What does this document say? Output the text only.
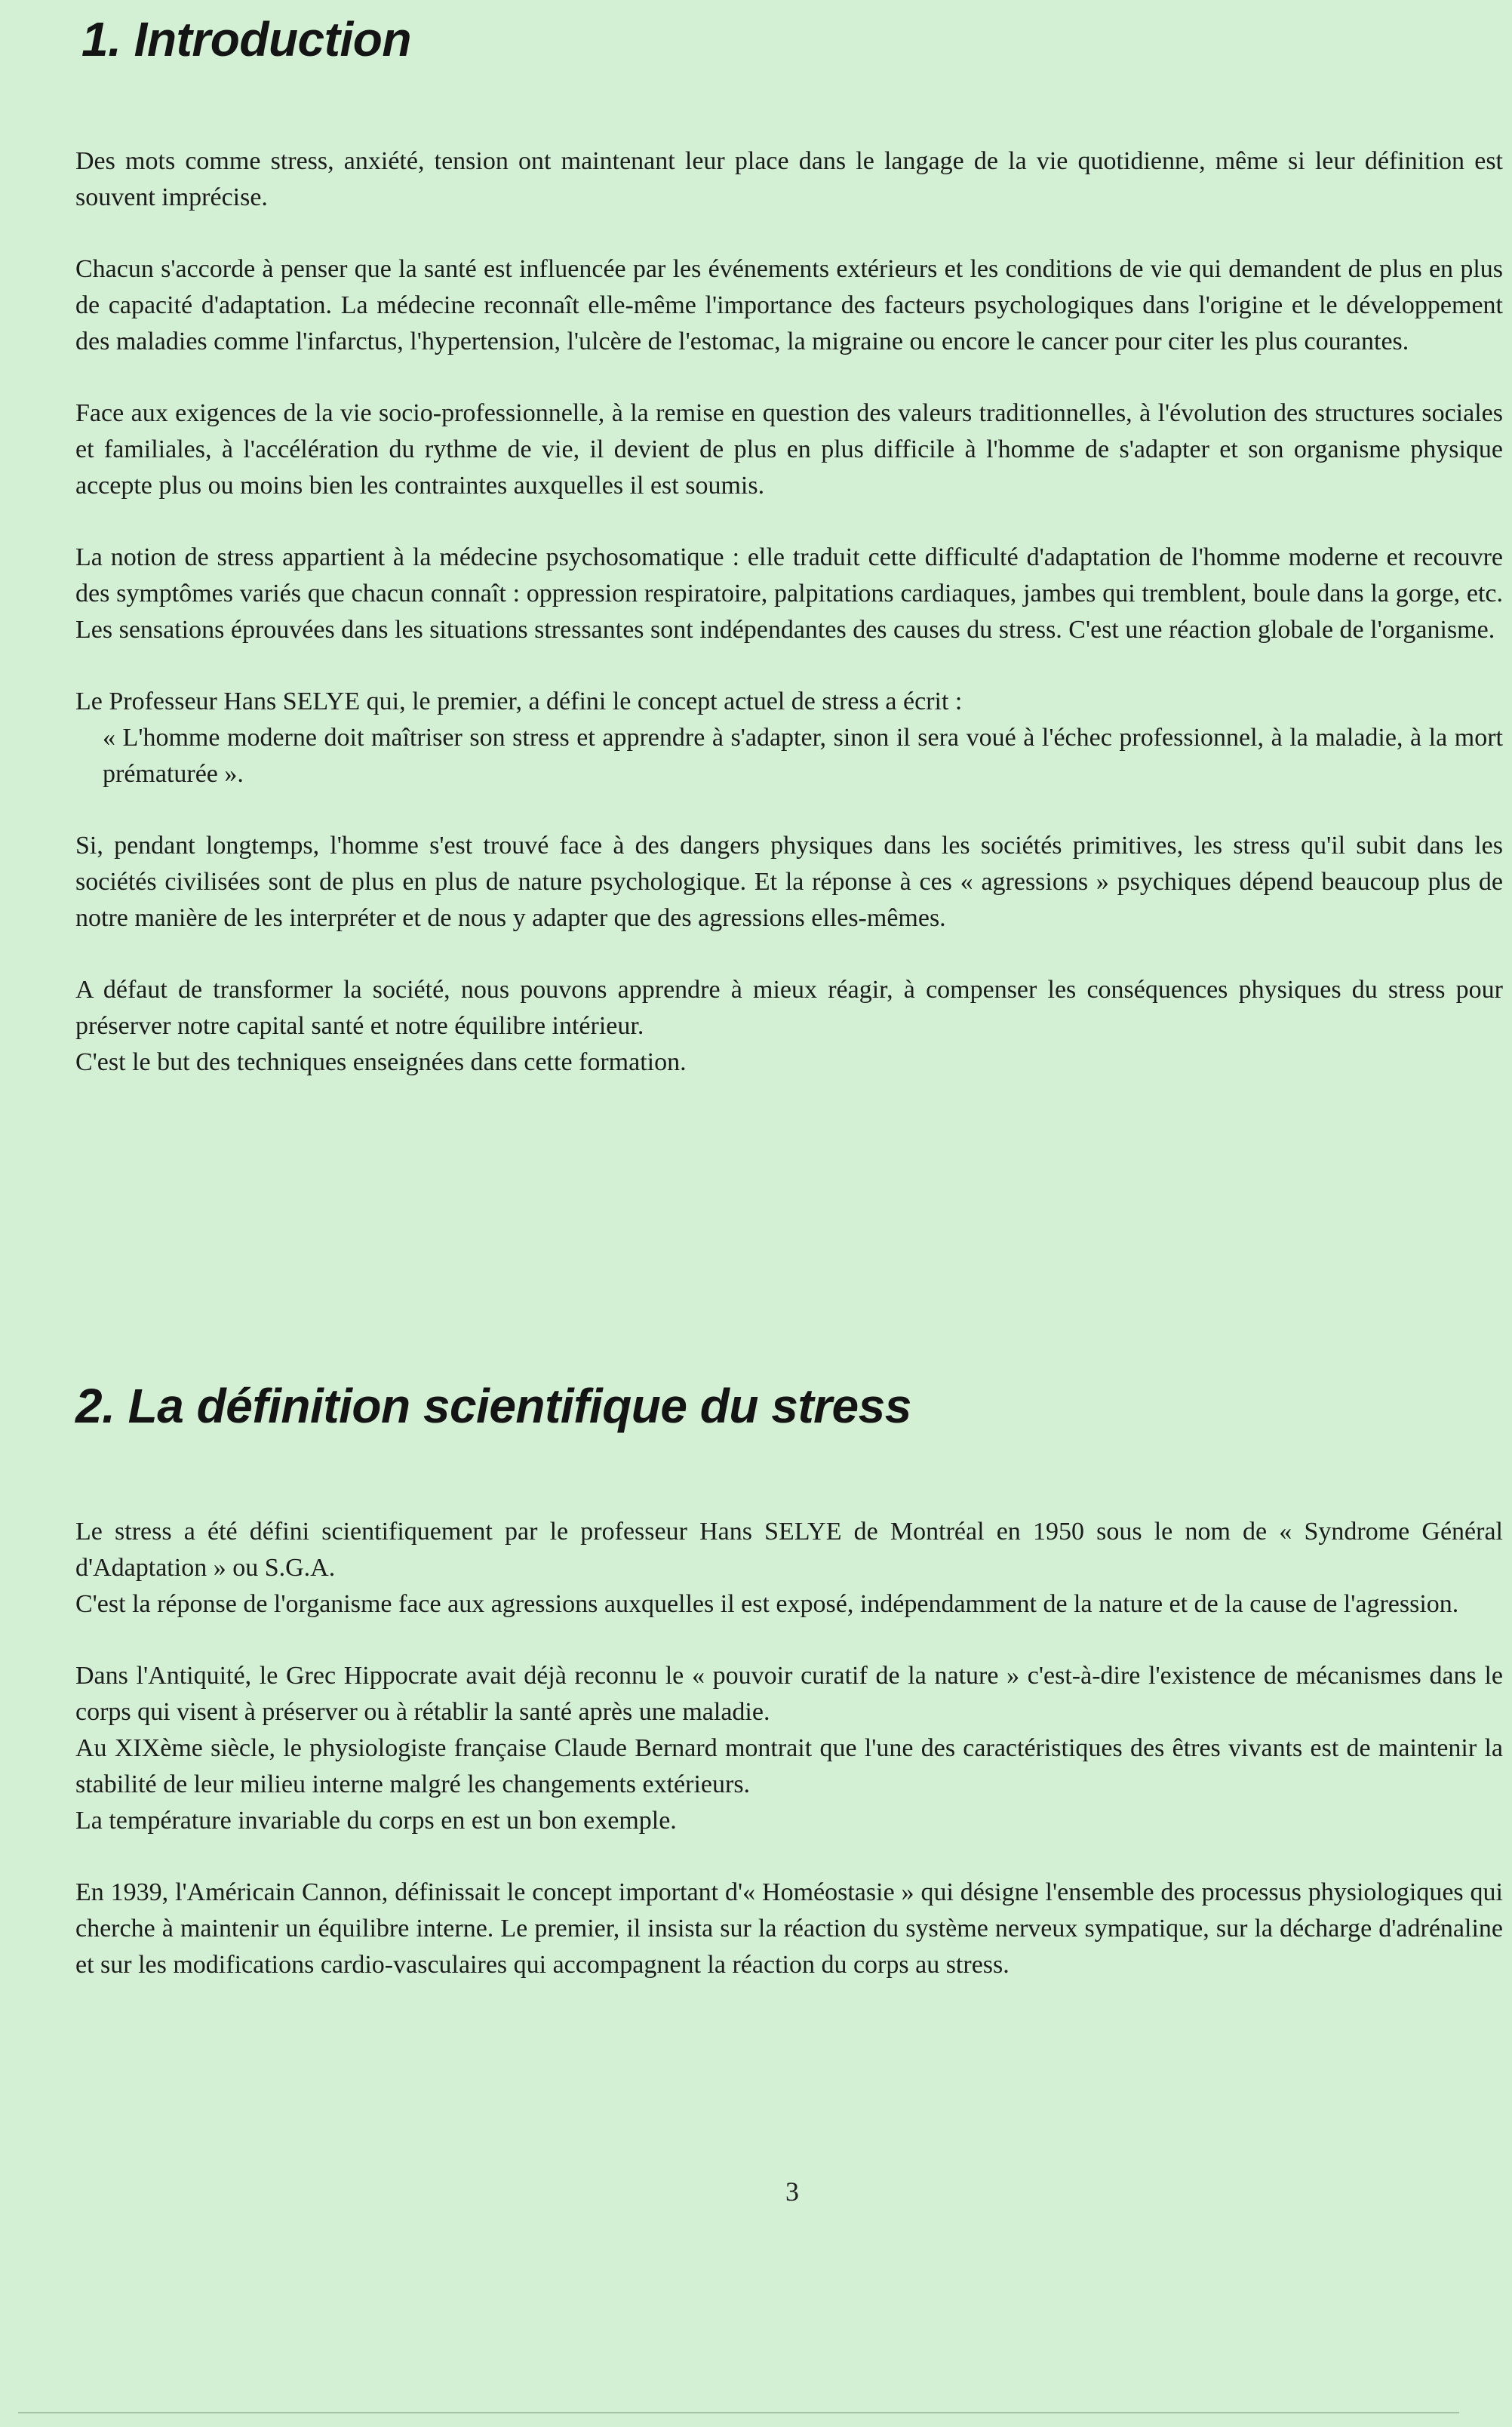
1. Introduction

Des mots comme stress, anxiété, tension ont maintenant leur place dans le langage de la vie quotidienne, même si leur définition est souvent imprécise.

Chacun s'accorde à penser que la santé est influencée par les événements extérieurs et les conditions de vie qui demandent de plus en plus de capacité d'adaptation. La médecine reconnaît elle-même l'importance des facteurs psychologiques dans l'origine et le développement des maladies comme l'infarctus, l'hypertension, l'ulcère de l'estomac, la migraine ou encore le cancer pour citer les plus courantes.

Face aux exigences de la vie socio-professionnelle, à la remise en question des valeurs traditionnelles, à l'évolution des structures sociales et familiales, à l'accélération du rythme de vie, il devient de plus en plus difficile à l'homme de s'adapter et son organisme physique accepte plus ou moins bien les contraintes auxquelles il est soumis.

La notion de stress appartient à la médecine psychosomatique : elle traduit cette difficulté d'adaptation de l'homme moderne et recouvre des symptômes variés que chacun connaît : oppression respiratoire, palpitations cardiaques, jambes qui tremblent, boule dans la gorge, etc. Les sensations éprouvées dans les situations stressantes sont indépendantes des causes du stress. C'est une réaction globale de l'organisme.

Le Professeur Hans SELYE qui, le premier, a défini le concept actuel de stress a écrit :
« L'homme moderne doit maîtriser son stress et apprendre à s'adapter, sinon il sera voué à l'échec professionnel, à la maladie, à la mort prématurée ».

Si, pendant longtemps, l'homme s'est trouvé face à des dangers physiques dans les sociétés primitives, les stress qu'il subit dans les sociétés civilisées sont de plus en plus de nature psychologique. Et la réponse à ces « agressions » psychiques dépend beaucoup plus de notre manière de les interpréter et de nous y adapter que des agressions elles-mêmes.

A défaut de transformer la société, nous pouvons apprendre à mieux réagir, à compenser les conséquences physiques du stress pour préserver notre capital santé et notre équilibre intérieur.

C'est le but des techniques enseignées dans cette formation.

2. La définition scientifique du stress

Le stress a été défini scientifiquement par le professeur Hans SELYE de Montréal en 1950 sous le nom de « Syndrome Général d'Adaptation » ou S.G.A.

C'est la réponse de l'organisme face aux agressions auxquelles il est exposé, indépendamment de la nature et de la cause de l'agression.

Dans l'Antiquité, le Grec Hippocrate avait déjà reconnu le « pouvoir curatif de la nature » c'est-à-dire l'existence de mécanismes dans le corps qui visent à préserver ou à rétablir la santé après une maladie.

Au XIXème siècle, le physiologiste française Claude Bernard montrait que l'une des caractéristiques des êtres vivants est de maintenir la stabilité de leur milieu interne malgré les changements extérieurs.

La température invariable du corps en est un bon exemple.

En 1939, l'Américain Cannon, définissait le concept important d'« Homéostasie » qui désigne l'ensemble des processus physiologiques qui cherche à maintenir un équilibre interne. Le premier, il insista sur la réaction du système nerveux sympatique, sur la décharge d'adrénaline et sur les modifications cardio-vasculaires qui accompagnent la réaction du corps au stress.

3
